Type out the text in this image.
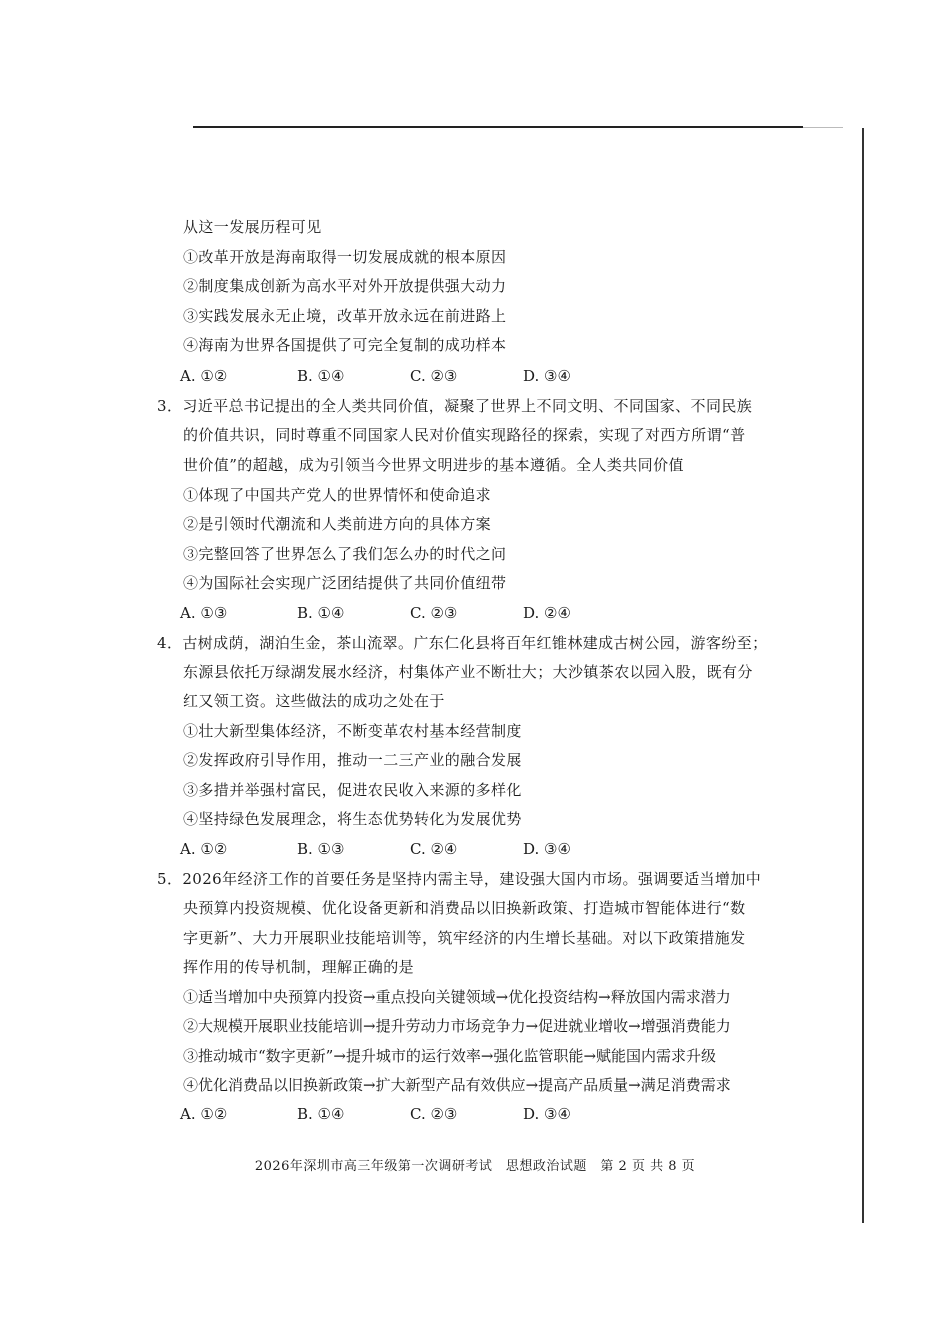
从这一发展历程可见
①改革开放是海南取得一切发展成就的根本原因
②制度集成创新为高水平对外开放提供强大动力
③实践发展永无止境，改革开放永远在前进路上
④海南为世界各国提供了可完全复制的成功样本
A. ①②	B. ①④	C. ②③	D. ③④
3．习近平总书记提出的全人类共同价值，凝聚了世界上不同文明、不同国家、不同民族
的价值共识，同时尊重不同国家人民对价值实现路径的探索，实现了对西方所谓“普
世价值”的超越，成为引领当今世界文明进步的基本遵循。全人类共同价值
①体现了中国共产党人的世界情怀和使命追求
②是引领时代潮流和人类前进方向的具体方案
③完整回答了世界怎么了我们怎么办的时代之问
④为国际社会实现广泛团结提供了共同价值纽带
A. ①③	B. ①④	C. ②③	D. ②④
4．古树成荫，湖泊生金，茶山流翠。广东仁化县将百年红锥林建成古树公园，游客纷至；
东源县依托万绿湖发展水经济，村集体产业不断壮大；大沙镇茶农以园入股，既有分
红又领工资。这些做法的成功之处在于
①壮大新型集体经济，不断变革农村基本经营制度
②发挥政府引导作用，推动一二三产业的融合发展
③多措并举强村富民，促进农民收入来源的多样化
④坚持绿色发展理念，将生态优势转化为发展优势
A. ①②	B. ①③	C. ②④	D. ③④
5．2026年经济工作的首要任务是坚持内需主导，建设强大国内市场。强调要适当增加中
央预算内投资规模、优化设备更新和消费品以旧换新政策、打造城市智能体进行“数
字更新”、大力开展职业技能培训等，筑牢经济的内生增长基础。对以下政策措施发
挥作用的传导机制，理解正确的是
①适当增加中央预算内投资→重点投向关键领域→优化投资结构→释放国内需求潜力
②大规模开展职业技能培训→提升劳动力市场竞争力→促进就业增收→增强消费能力
③推动城市“数字更新”→提升城市的运行效率→强化监管职能→赋能国内需求升级
④优化消费品以旧换新政策→扩大新型产品有效供应→提高产品质量→满足消费需求
A. ①②	B. ①④	C. ②③	D. ③④
2026年深圳市高三年级第一次调研考试　思想政治试题　第 2 页 共 8 页
